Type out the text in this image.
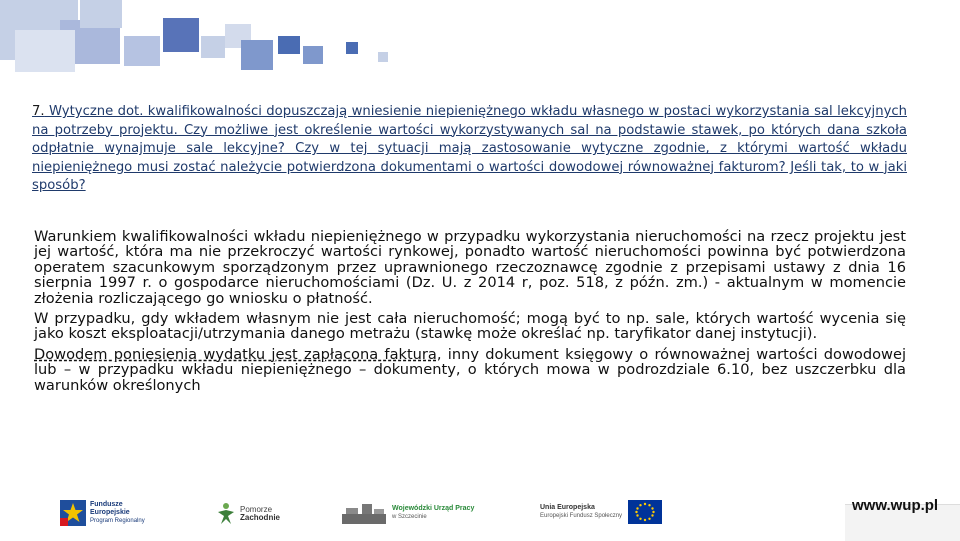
7. Wytyczne dot. kwalifikowalności dopuszczają wniesienie niepieniężnego wkładu własnego w postaci wykorzystania sal lekcyjnych na potrzeby projektu. Czy możliwe jest określenie wartości wykorzystywanych sal na podstawie stawek, po których dana szkoła odpłatnie wynajmuje sale lekcyjne? Czy w tej sytuacji mają zastosowanie wytyczne zgodnie, z którymi wartość wkładu niepieniężnego musi zostać należycie potwierdzona dokumentami o wartości dowodowej równoważnej fakturom? Jeśli tak, to w jaki sposób?

Warunkiem kwalifikowalności wkładu niepieniężnego w przypadku wykorzystania nieruchomości na rzecz projektu jest jej wartość, która ma nie przekroczyć wartości rynkowej, ponadto wartość nieruchomości powinna być potwierdzona operatem szacunkowym sporządzonym przez uprawnionego rzeczoznawcę zgodnie z przepisami ustawy z dnia 16 sierpnia 1997 r. o gospodarce nieruchomościami (Dz. U. z 2014 r, poz. 518, z późn. zm.) - aktualnym w momencie złożenia rozliczającego go wniosku o płatność.

W przypadku, gdy wkładem własnym nie jest cała nieruchomość; mogą być to np. sale, których wartość wycenia się jako koszt eksploatacji/utrzymania danego metrażu (stawkę może określać np. taryfikator danej instytucji).

Dowodem poniesienia wydatku jest zapłacona faktura, inny dokument księgowy o równoważnej wartości dowodowej lub – w przypadku wkładu niepieniężnego – dokumenty, o których mowa w podrozdziale 6.10, bez uszczerbku dla warunków określonych

Fundusze
Europejskie
Program Regionalny
Pomorze
Zachodnie
Wojewódzki Urząd Pracy
w Szczecinie
Unia Europejska
Europejski Fundusz Społeczny
www.wup.pl
